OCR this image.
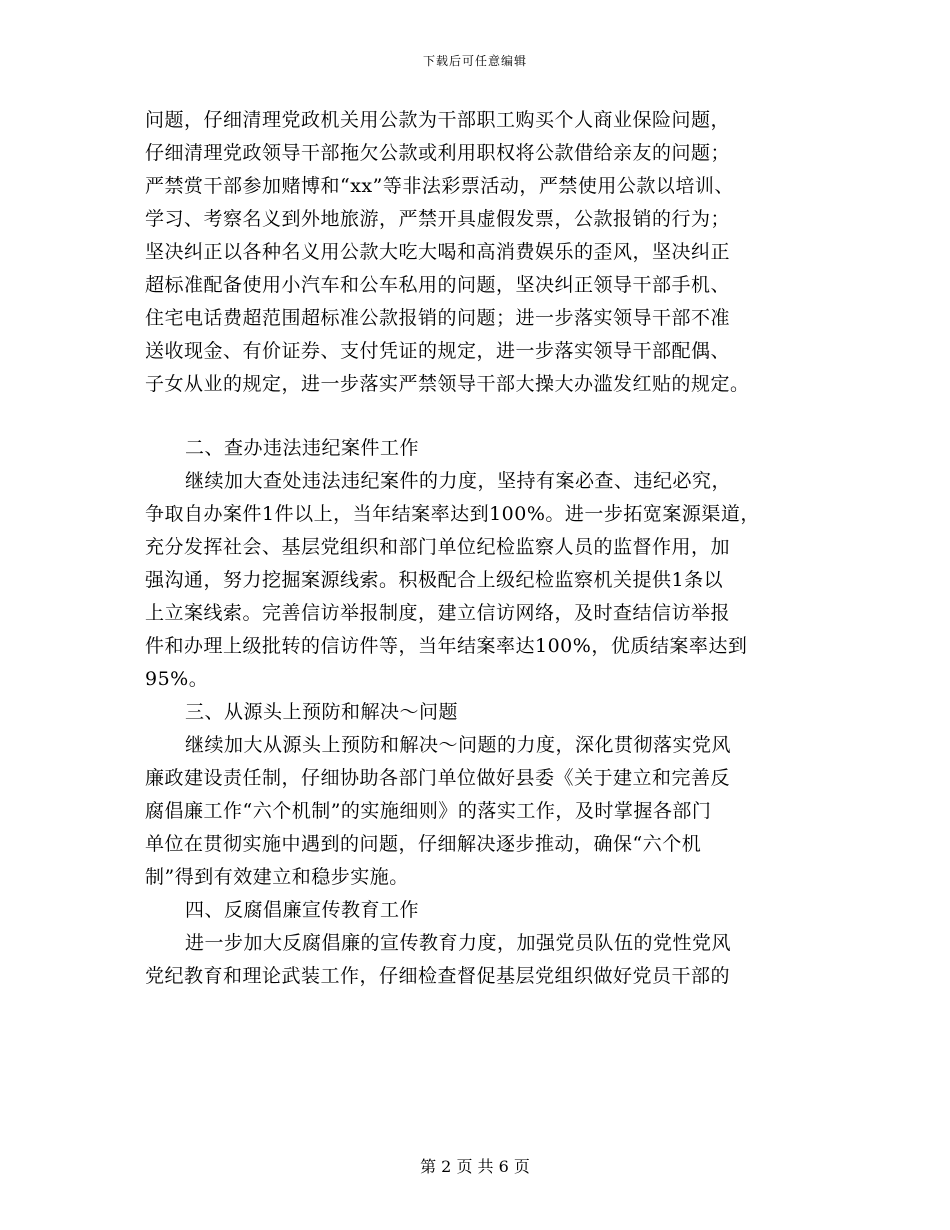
下载后可任意编辑
问题，仔细清理党政机关用公款为干部职工购买个人商业保险问题，
仔细清理党政领导干部拖欠公款或利用职权将公款借给亲友的问题；
严禁赏干部参加赌博和“xx”等非法彩票活动，严禁使用公款以培训、
学习、考察名义到外地旅游，严禁开具虚假发票，公款报销的行为；
坚决纠正以各种名义用公款大吃大喝和高消费娱乐的歪风，坚决纠正
超标准配备使用小汽车和公车私用的问题，坚决纠正领导干部手机、
住宅电话费超范围超标准公款报销的问题；进一步落实领导干部不准
送收现金、有价证券、支付凭证的规定，进一步落实领导干部配偶、
子女从业的规定，进一步落实严禁领导干部大操大办滥发红贴的规定。
二、查办违法违纪案件工作
继续加大查处违法违纪案件的力度，坚持有案必查、违纪必究，
争取自办案件1件以上，当年结案率达到100%。进一步拓宽案源渠道，
充分发挥社会、基层党组织和部门单位纪检监察人员的监督作用，加
强沟通，努力挖掘案源线索。积极配合上级纪检监察机关提供1条以
上立案线索。完善信访举报制度，建立信访网络，及时查结信访举报
件和办理上级批转的信访件等，当年结案率达100%，优质结案率达到
95%。
三、从源头上预防和解决～问题
继续加大从源头上预防和解决～问题的力度，深化贯彻落实党风
廉政建设责任制，仔细协助各部门单位做好县委《关于建立和完善反
腐倡廉工作“六个机制”的实施细则》的落实工作，及时掌握各部门
单位在贯彻实施中遇到的问题，仔细解决逐步推动，确保“六个机
制”得到有效建立和稳步实施。
四、反腐倡廉宣传教育工作
进一步加大反腐倡廉的宣传教育力度，加强党员队伍的党性党风
党纪教育和理论武装工作，仔细检查督促基层党组织做好党员干部的
第 2 页 共 6 页
